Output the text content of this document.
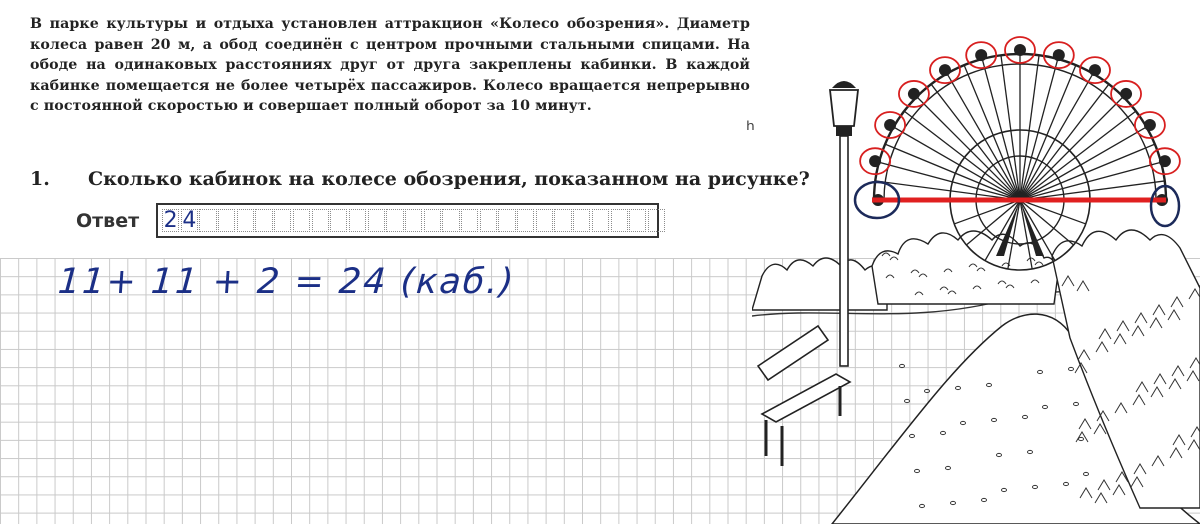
В парке культуры и отдыха установлен аттракцион «Колесо обозрения». Диаметр колеса равен 20 м, а обод соединён с центром прочными стальными спицами. На ободе на одинаковых расстояниях друг от друга закреплены кабинки. В каждой кабинке помещается не более четырёх пассажиров. Колесо вращается непрерывно с постоянной скоростью и совершает полный оборот за 10 минут.
1. Сколько кабинок на колесе обозрения, показанном на рисунке?
Ответ 2 4
11+ 11 + 2 = 24 (каб.)
ʰ
